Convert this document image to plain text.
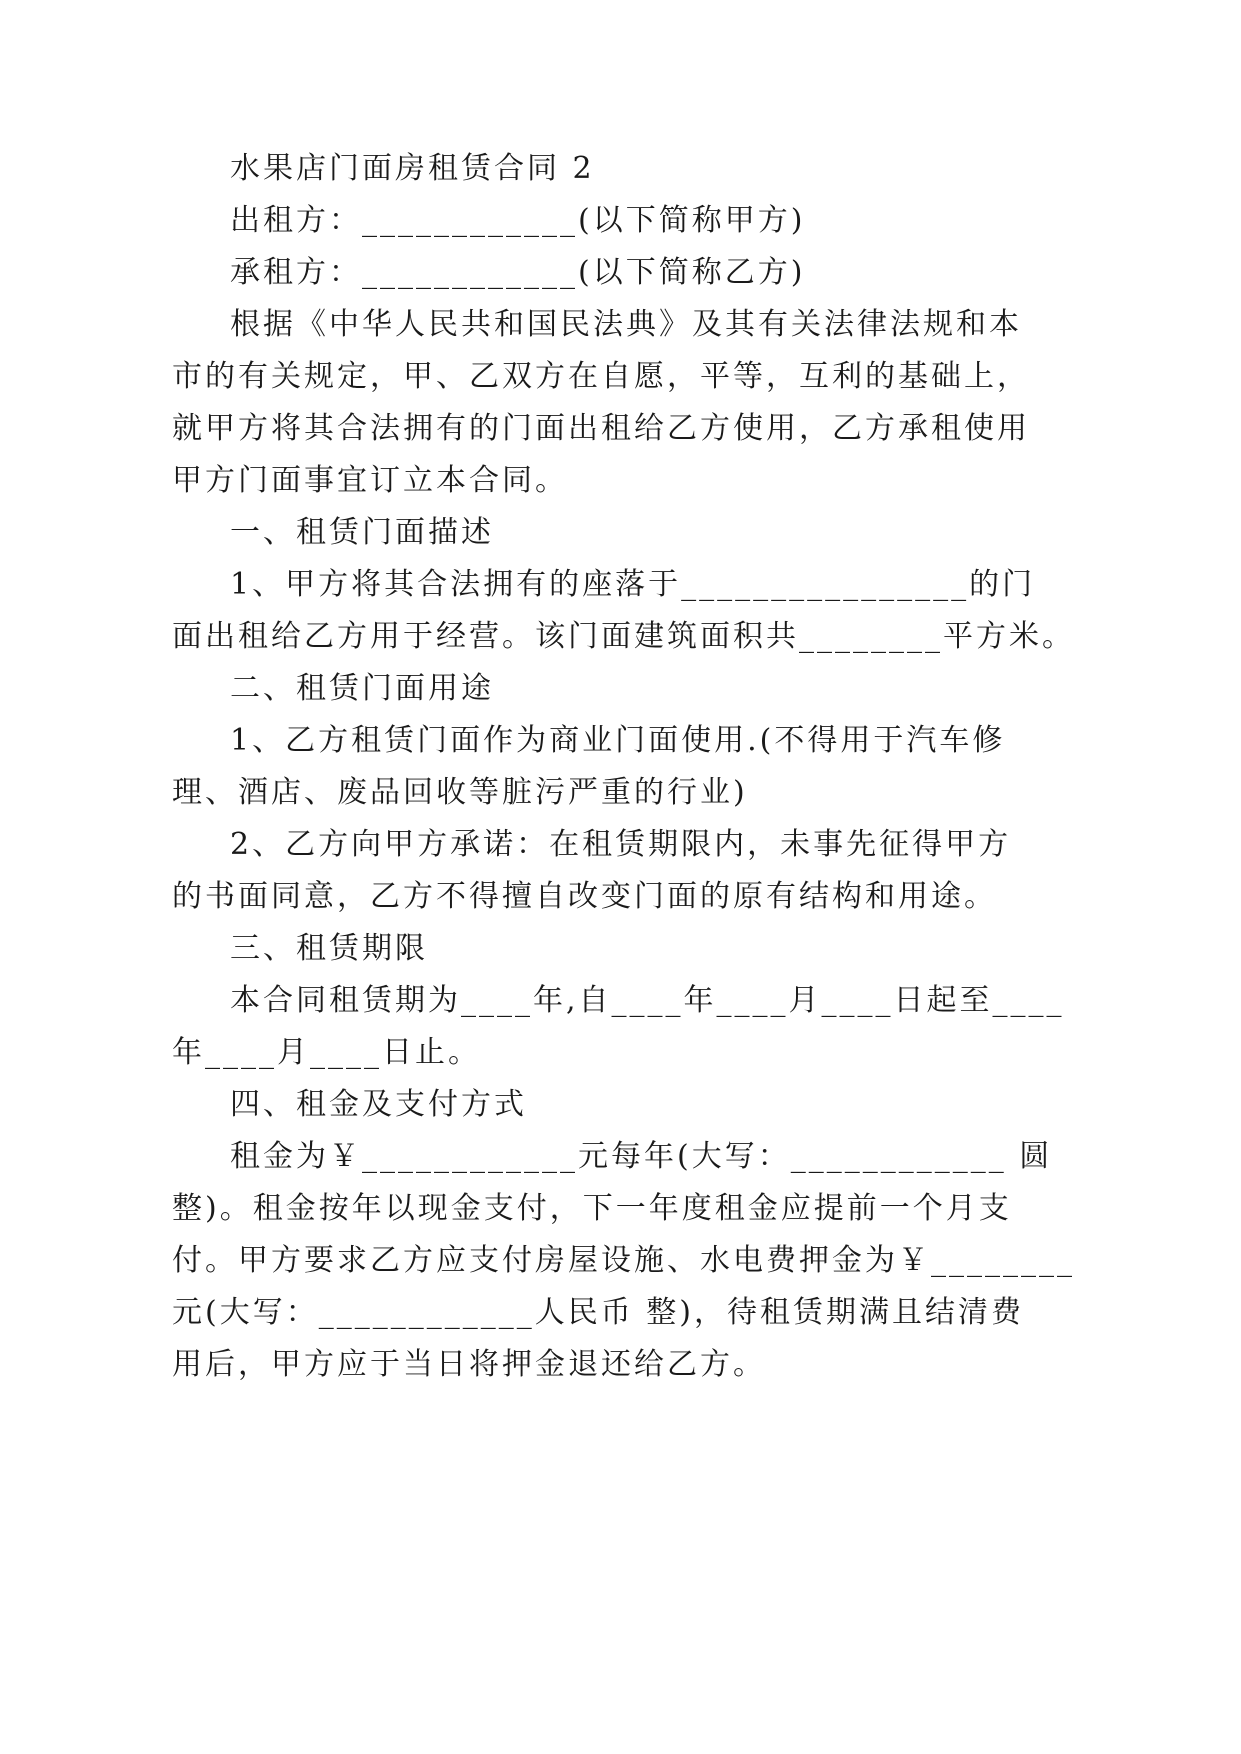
水果店门面房租赁合同 2
出租方：____________(以下简称甲方)
承租方：____________(以下简称乙方)
根据《中华人民共和国民法典》及其有关法律法规和本
市的有关规定，甲、乙双方在自愿，平等，互利的基础上，
就甲方将其合法拥有的门面出租给乙方使用，乙方承租使用
甲方门面事宜订立本合同。
一、租赁门面描述
1、甲方将其合法拥有的座落于________________的门
面出租给乙方用于经营。该门面建筑面积共________平方米。
二、租赁门面用途
1、乙方租赁门面作为商业门面使用.(不得用于汽车修
理、酒店、废品回收等脏污严重的行业)
2、乙方向甲方承诺：在租赁期限内，未事先征得甲方
的书面同意，乙方不得擅自改变门面的原有结构和用途。
三、租赁期限
本合同租赁期为____年,自____年____月____日起至____
年____月____日止。
四、租金及支付方式
租金为￥____________元每年(大写：____________ 圆
整)。租金按年以现金支付，下一年度租金应提前一个月支
付。甲方要求乙方应支付房屋设施、水电费押金为￥________
元(大写：____________人民币 整)，待租赁期满且结清费
用后，甲方应于当日将押金退还给乙方。
